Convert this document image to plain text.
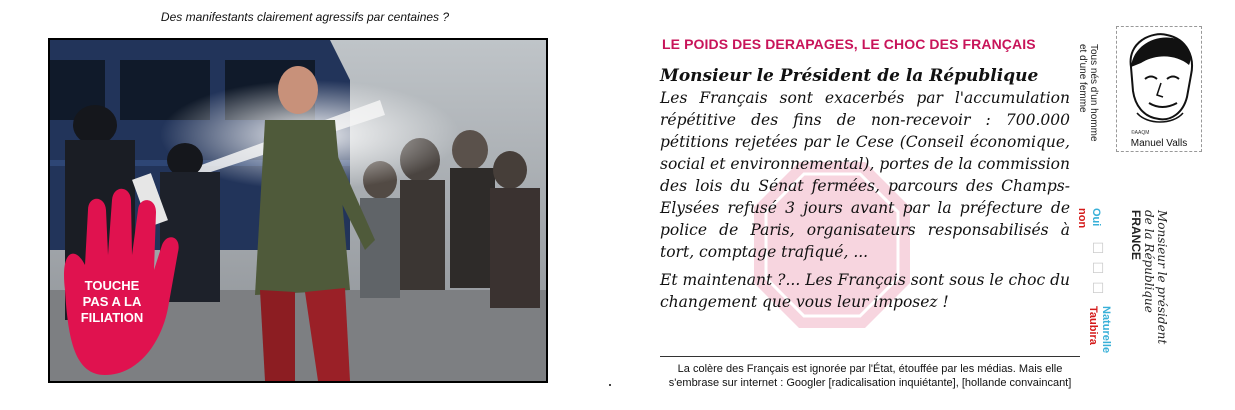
Des manifestants clairement agressifs par centaines ?
TOUCHE
PAS A LA
FILIATION
LE POIDS DES DERAPAGES, LE CHOC DES FRANÇAIS
Monsieur le Président de la République
Les Français sont exacerbés par l'accumulation répétitive des fins de non-recevoir : 700.000 pétitions rejetées par le Cese (Conseil économique, social et environnemental), portes de la commission des lois du Sénat fermées, parcours des Champs-Elysées refusé 3 jours avant par la préfecture de police de Paris, organisateurs responsabilisés à tort, comptage trafiqué, ...
Et maintenant ?... Les Français sont sous le choc du changement que vous leur imposez !
La colère des Français est ignorée par l'État, étouffée par les médias. Mais elle
s'embrase sur internet : Googler [radicalisation inquiétante], [hollande convaincant]
Tous nés d'un homme
et d'une femme
©AAQM
Manuel Valls
Oui
non
☐
☐
☐
Naturelle
Taubira	Monsieur le président
de la République
FRANCE
